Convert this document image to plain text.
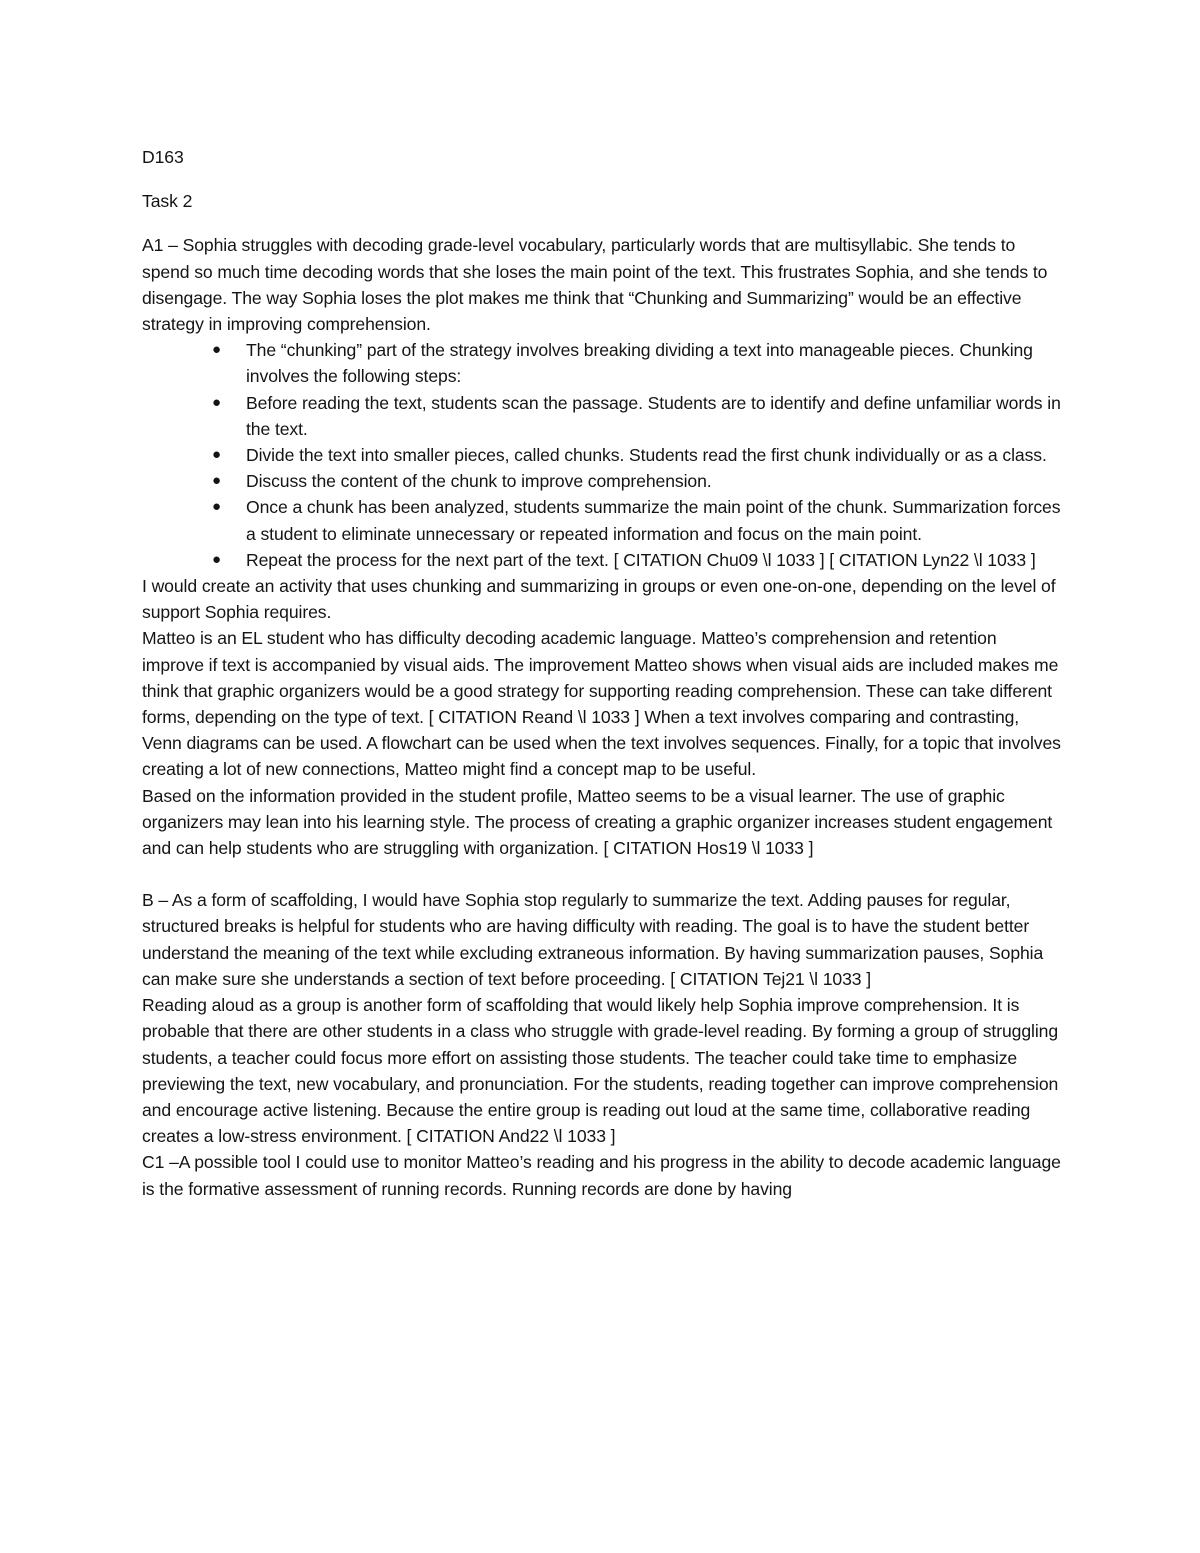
D163

Task 2

A1 – Sophia struggles with decoding grade-level vocabulary, particularly words that are multisyllabic. She tends to spend so much time decoding words that she loses the main point of the text. This frustrates Sophia, and she tends to disengage. The way Sophia loses the plot makes me think that “Chunking and Summarizing” would be an effective strategy in improving comprehension.

● The “chunking” part of the strategy involves breaking dividing a text into manageable pieces. Chunking involves the following steps:
● Before reading the text, students scan the passage. Students are to identify and define unfamiliar words in the text.
● Divide the text into smaller pieces, called chunks. Students read the first chunk individually or as a class.
● Discuss the content of the chunk to improve comprehension.
● Once a chunk has been analyzed, students summarize the main point of the chunk. Summarization forces a student to eliminate unnecessary or repeated information and focus on the main point.
● Repeat the process for the next part of the text. [ CITATION Chu09 \l 1033 ] [ CITATION Lyn22 \l 1033 ]

I would create an activity that uses chunking and summarizing in groups or even one-on-one, depending on the level of support Sophia requires.

Matteo is an EL student who has difficulty decoding academic language. Matteo’s comprehension and retention improve if text is accompanied by visual aids. The improvement Matteo shows when visual aids are included makes me think that graphic organizers would be a good strategy for supporting reading comprehension. These can take different forms, depending on the type of text. [ CITATION Reand \l 1033 ] When a text involves comparing and contrasting, Venn diagrams can be used. A flowchart can be used when the text involves sequences. Finally, for a topic that involves creating a lot of new connections, Matteo might find a concept map to be useful.

Based on the information provided in the student profile, Matteo seems to be a visual learner. The use of graphic organizers may lean into his learning style. The process of creating a graphic organizer increases student engagement and can help students who are struggling with organization. [ CITATION Hos19 \l 1033 ]

B – As a form of scaffolding, I would have Sophia stop regularly to summarize the text. Adding pauses for regular, structured breaks is helpful for students who are having difficulty with reading. The goal is to have the student better understand the meaning of the text while excluding extraneous information. By having summarization pauses, Sophia can make sure she understands a section of text before proceeding. [ CITATION Tej21 \l 1033 ]

Reading aloud as a group is another form of scaffolding that would likely help Sophia improve comprehension. It is probable that there are other students in a class who struggle with grade-level reading. By forming a group of struggling students, a teacher could focus more effort on assisting those students. The teacher could take time to emphasize previewing the text, new vocabulary, and pronunciation. For the students, reading together can improve comprehension and encourage active listening. Because the entire group is reading out loud at the same time, collaborative reading creates a low-stress environment. [ CITATION And22 \l 1033 ]

C1 –A possible tool I could use to monitor Matteo’s reading and his progress in the ability to decode academic language is the formative assessment of running records. Running records are done by having
